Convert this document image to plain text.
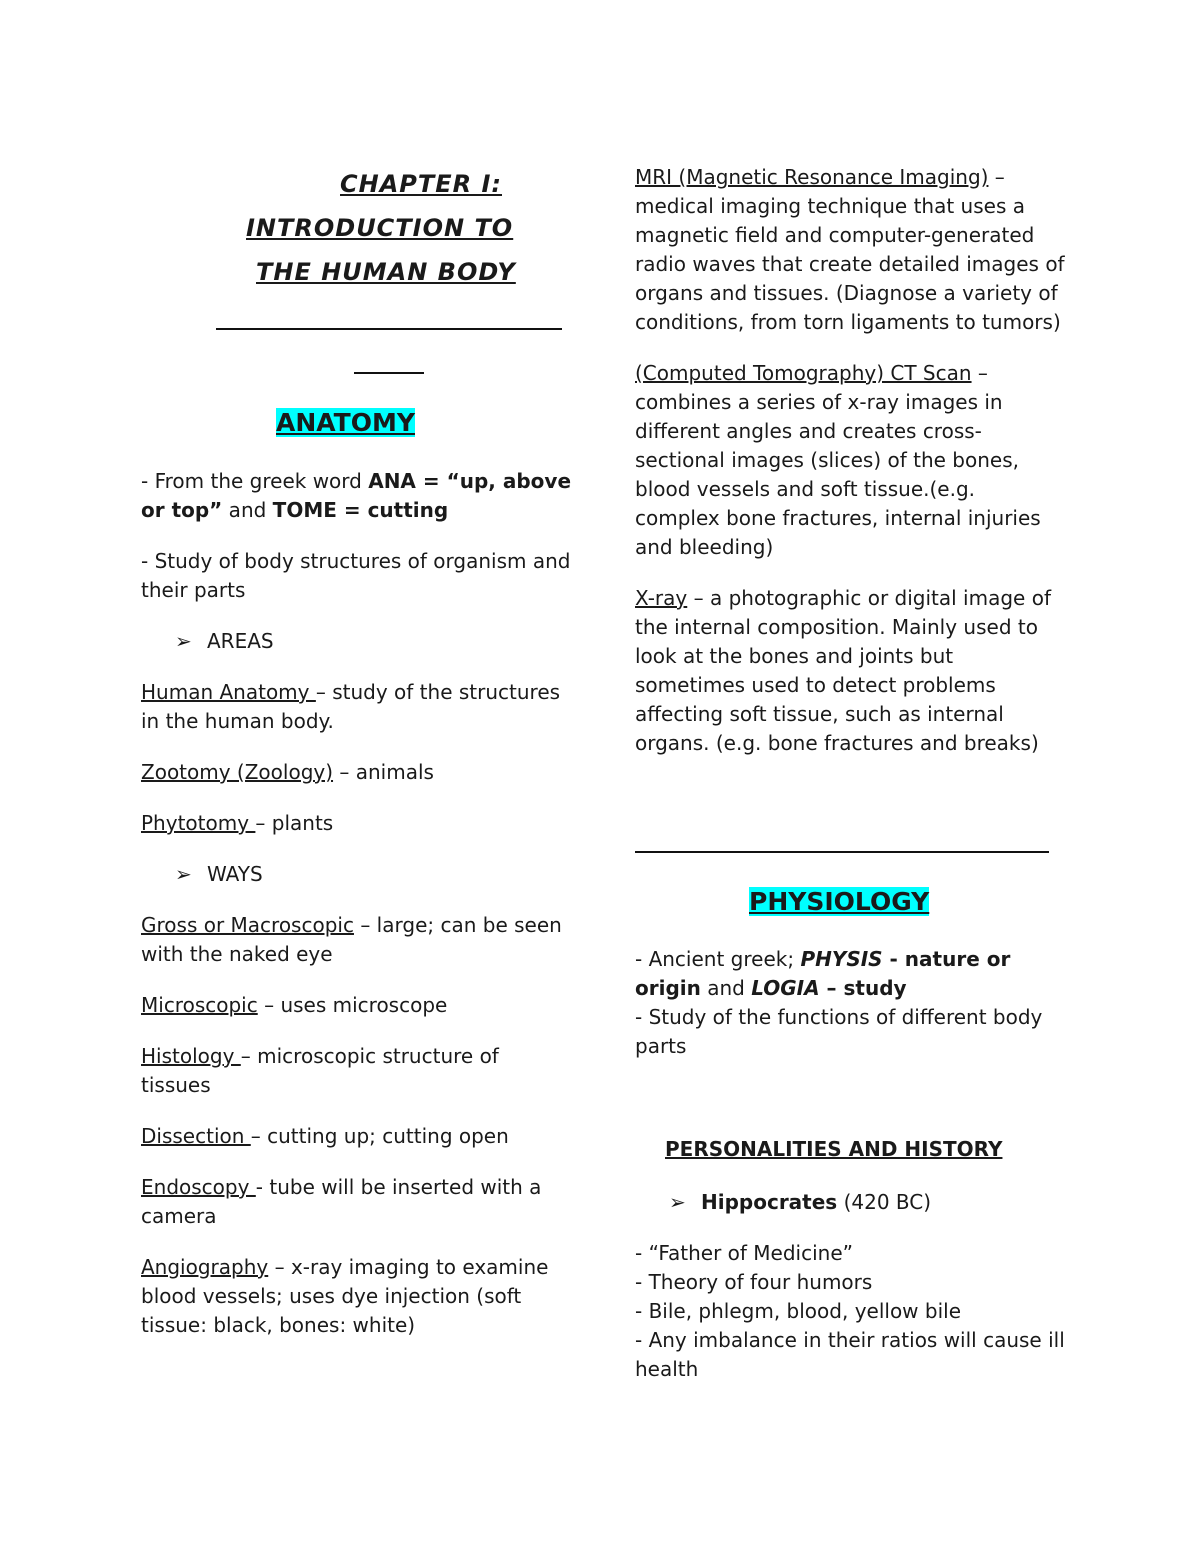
CHAPTER I:
INTRODUCTION TO
THE HUMAN BODY
ANATOMY

- From the greek word ANA = “up, above or top” and TOME = cutting

- Study of body structures of organism and their parts

➢ AREAS

Human Anatomy – study of the structures in the human body.

Zootomy (Zoology) – animals

Phytotomy – plants

➢ WAYS

Gross or Macroscopic – large; can be seen with the naked eye

Microscopic – uses microscope

Histology – microscopic structure of tissues

Dissection – cutting up; cutting open

Endoscopy - tube will be inserted with a camera

Angiography – x-ray imaging to examine blood vessels; uses dye injection (soft tissue: black, bones: white)

MRI (Magnetic Resonance Imaging) – medical imaging technique that uses a magnetic field and computer-generated radio waves that create detailed images of organs and tissues. (Diagnose a variety of conditions, from torn ligaments to tumors)

(Computed Tomography) CT Scan – combines a series of x-ray images in different angles and creates cross-sectional images (slices) of the bones, blood vessels and soft tissue.(e.g. complex bone fractures, internal injuries and bleeding)

X-ray – a photographic or digital image of the internal composition. Mainly used to look at the bones and joints but sometimes used to detect problems affecting soft tissue, such as internal organs. (e.g. bone fractures and breaks)

PHYSIOLOGY

- Ancient greek; PHYSIS - nature or origin and LOGIA – study

- Study of the functions of different body parts

PERSONALITIES AND HISTORY

➢ Hippocrates (420 BC)

- “Father of Medicine”

- Theory of four humors

- Bile, phlegm, blood, yellow bile

- Any imbalance in their ratios will cause ill health
